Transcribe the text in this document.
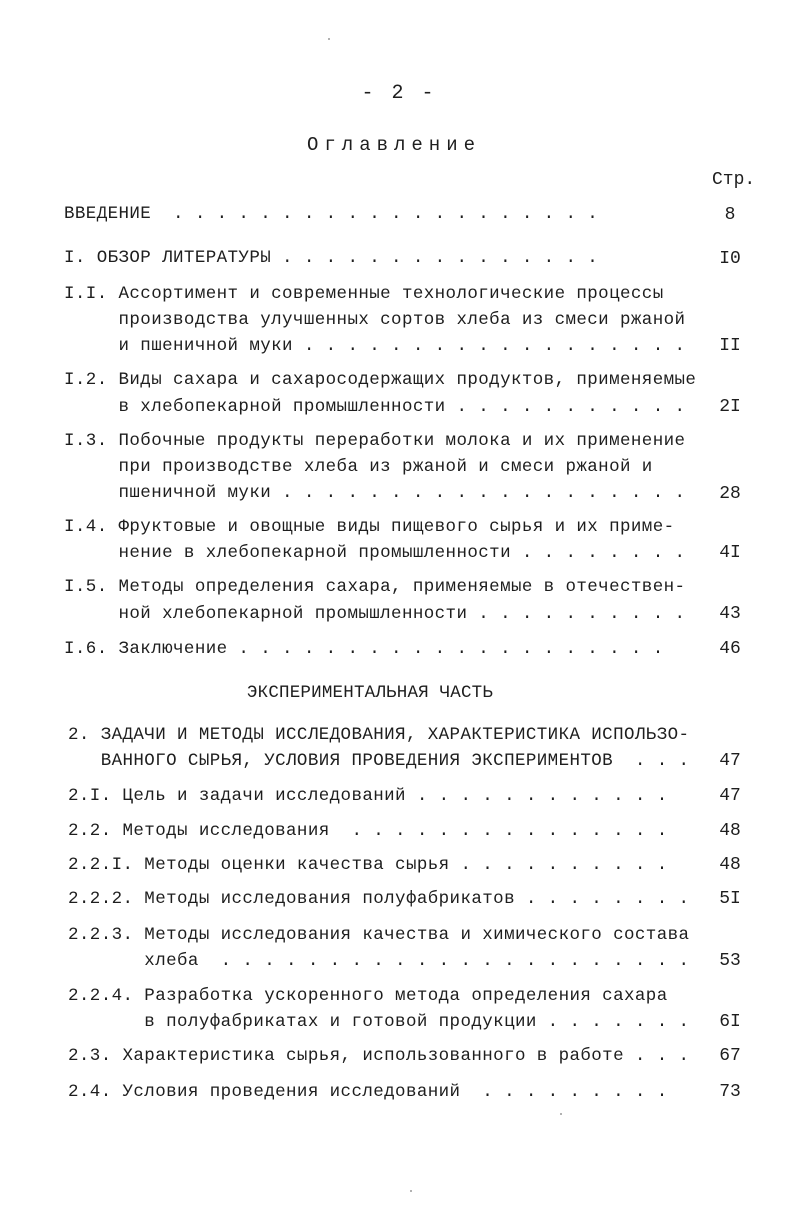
- 2 -
Оглавление
Стр.
ВВЕДЕНИЕ  . . . . . . . . . . . . . . . . . . . .	8
I. ОБЗОР ЛИТЕРАТУРЫ . . . . . . . . . . . . . . .	I0
I.I. Ассортимент и современные технологические процессы
производства улучшенных сортов хлеба из смеси ржаной
и пшеничной муки . . . . . . . . . . . . . . . . . .	II
I.2. Виды сахара и сахаросодержащих продуктов, применяемые
в хлебопекарной промышленности . . . . . . . . . . .	2I
I.3. Побочные продукты переработки молока и их применение
при производстве хлеба из ржаной и смеси ржаной и
пшеничной муки . . . . . . . . . . . . . . . . . . .	28
I.4. Фруктовые и овощные виды пищевого сырья и их приме-
нение в хлебопекарной промышленности . . . . . . . .	4I
I.5. Методы определения сахара, применяемые в отечествен-
ной хлебопекарной промышленности . . . . . . . . . .	43
I.6. Заключение . . . . . . . . . . . . . . . . . . . .	46
ЭКСПЕРИМЕНТАЛЬНАЯ ЧАСТЬ
2. ЗАДАЧИ И МЕТОДЫ ИССЛЕДОВАНИЯ, ХАРАКТЕРИСТИКА ИСПОЛЬЗО-
ВАННОГО СЫРЬЯ, УСЛОВИЯ ПРОВЕДЕНИЯ ЭКСПЕРИМЕНТОВ  . . .	47
2.I. Цель и задачи исследований . . . . . . . . . . . .	47
2.2. Методы исследования  . . . . . . . . . . . . . . .	48
2.2.I. Методы оценки качества сырья . . . . . . . . . .	48
2.2.2. Методы исследования полуфабрикатов . . . . . . . .	5I
2.2.3. Методы исследования качества и химического состава
хлеба  . . . . . . . . . . . . . . . . . . . . . .	53
2.2.4. Разработка ускоренного метода определения сахара
в полуфабрикатах и готовой продукции . . . . . . .	6I
2.3. Характеристика сырья, использованного в работе . . .	67
2.4. Условия проведения исследований  . . . . . . . . .	73
